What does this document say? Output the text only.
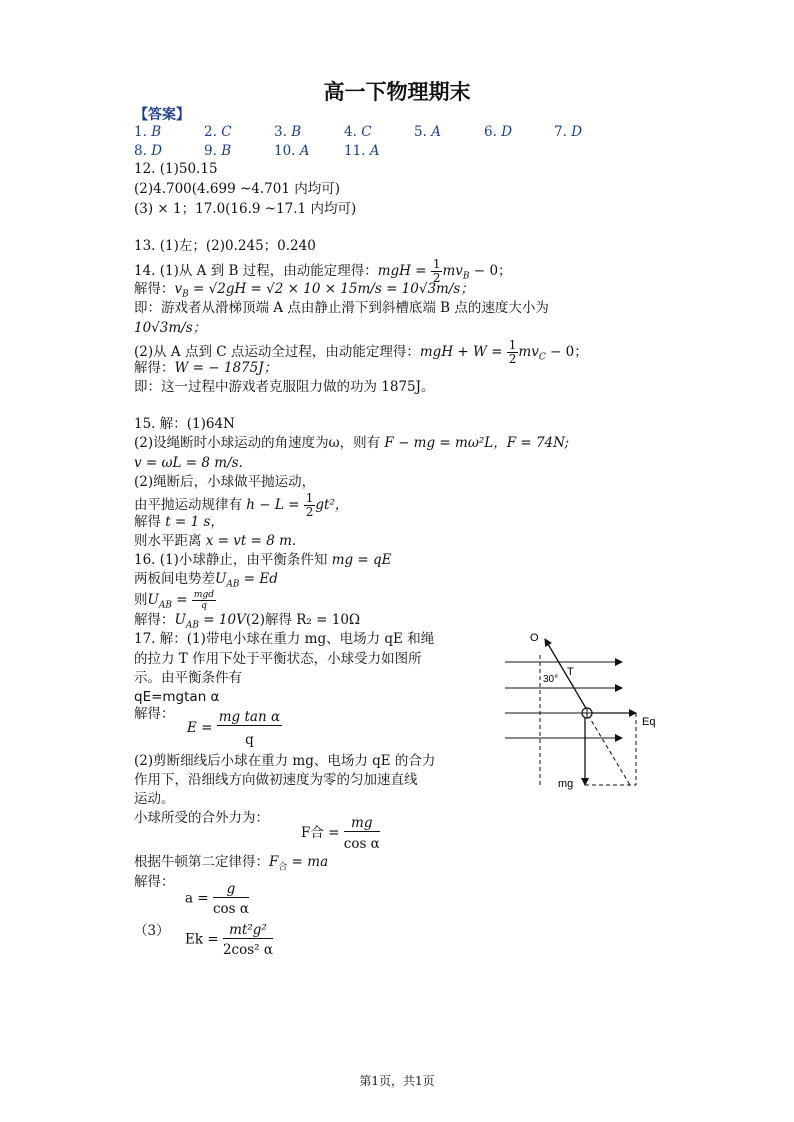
高一下物理期末
【答案】
1. B	2. C	3. B	4. C	5. A	6. D	7. D
8. D	9. B	10. A	11. A
12. (1)50.15
(2)4.700(4.699 ~4.701 内均可)
(3) × 1；17.0(16.9 ~17.1 内均可)
13. (1)左；(2)0.245；0.240
14. (1)从 A 到 B 过程，由动能定理得：mgH = $\frac{1}{2} mv_B - 0$；
解得：$v_B = √2gH = √2 \times 10 \times 15m/s = 10√3m/s$；
即：游戏者从滑梯顶端 A 点由静止滑下到斜槽底端 B 点的速度大小为
10√3m/s；
(2)从 A 点到 C 点运动全过程，由动能定理得：mgH + $W = \frac{1}{2} mv_C - 0$；
解得：W = − 1875J；
即：这一过程中游戏者克服阻力做的功为 1875J。
15. 解：(1)64N
(2)设绳断时小球运动的角速度为ω，则有 F − mg = mω²L，F = 74N;
v = ωL = 8 m/s.
(2)绳断后，小球做平抛运动，
由平抛运动规律有 $h - L = \frac{1}{2} gt^2$，
解得 t = 1 s，
则水平距离 x = vt = 8 m.
16. (1)小球静止，由平衡条件知 mg = qE
两板间电势差$U_{AB} = Ed$
则$U_{AB} = \frac{\text{mgd}}{q}$
解得：$U_{AB} = 10V(2)$解得 R₂ = 10Ω
17. 解：(1)带电小球在重力 mg、电场力 qE 和绳
的拉力 T 作用下处于平衡状态，小球受力如图所
示。由平衡条件有
qE=mgtan α
解得：
$E = \frac{\text{mg tan α}}{q}$
(2)剪断细线后小球在重力 mg、电场力 qE 的合力
作用下，沿细线方向做初速度为零的匀加速直线
运动。
小球所受的合外力为：
F合 = $\frac{mg}{\text{cos α}}$
根据牛顿第二定律得：$F_合$ = ma
解得：
$a = \frac{g}{\text{cos α}}$
（3）
$Ek = \frac{\text{mt²g²}}{\text{2cos² α}}$
O
T
30°
Eq
mg
第1页，共1页
